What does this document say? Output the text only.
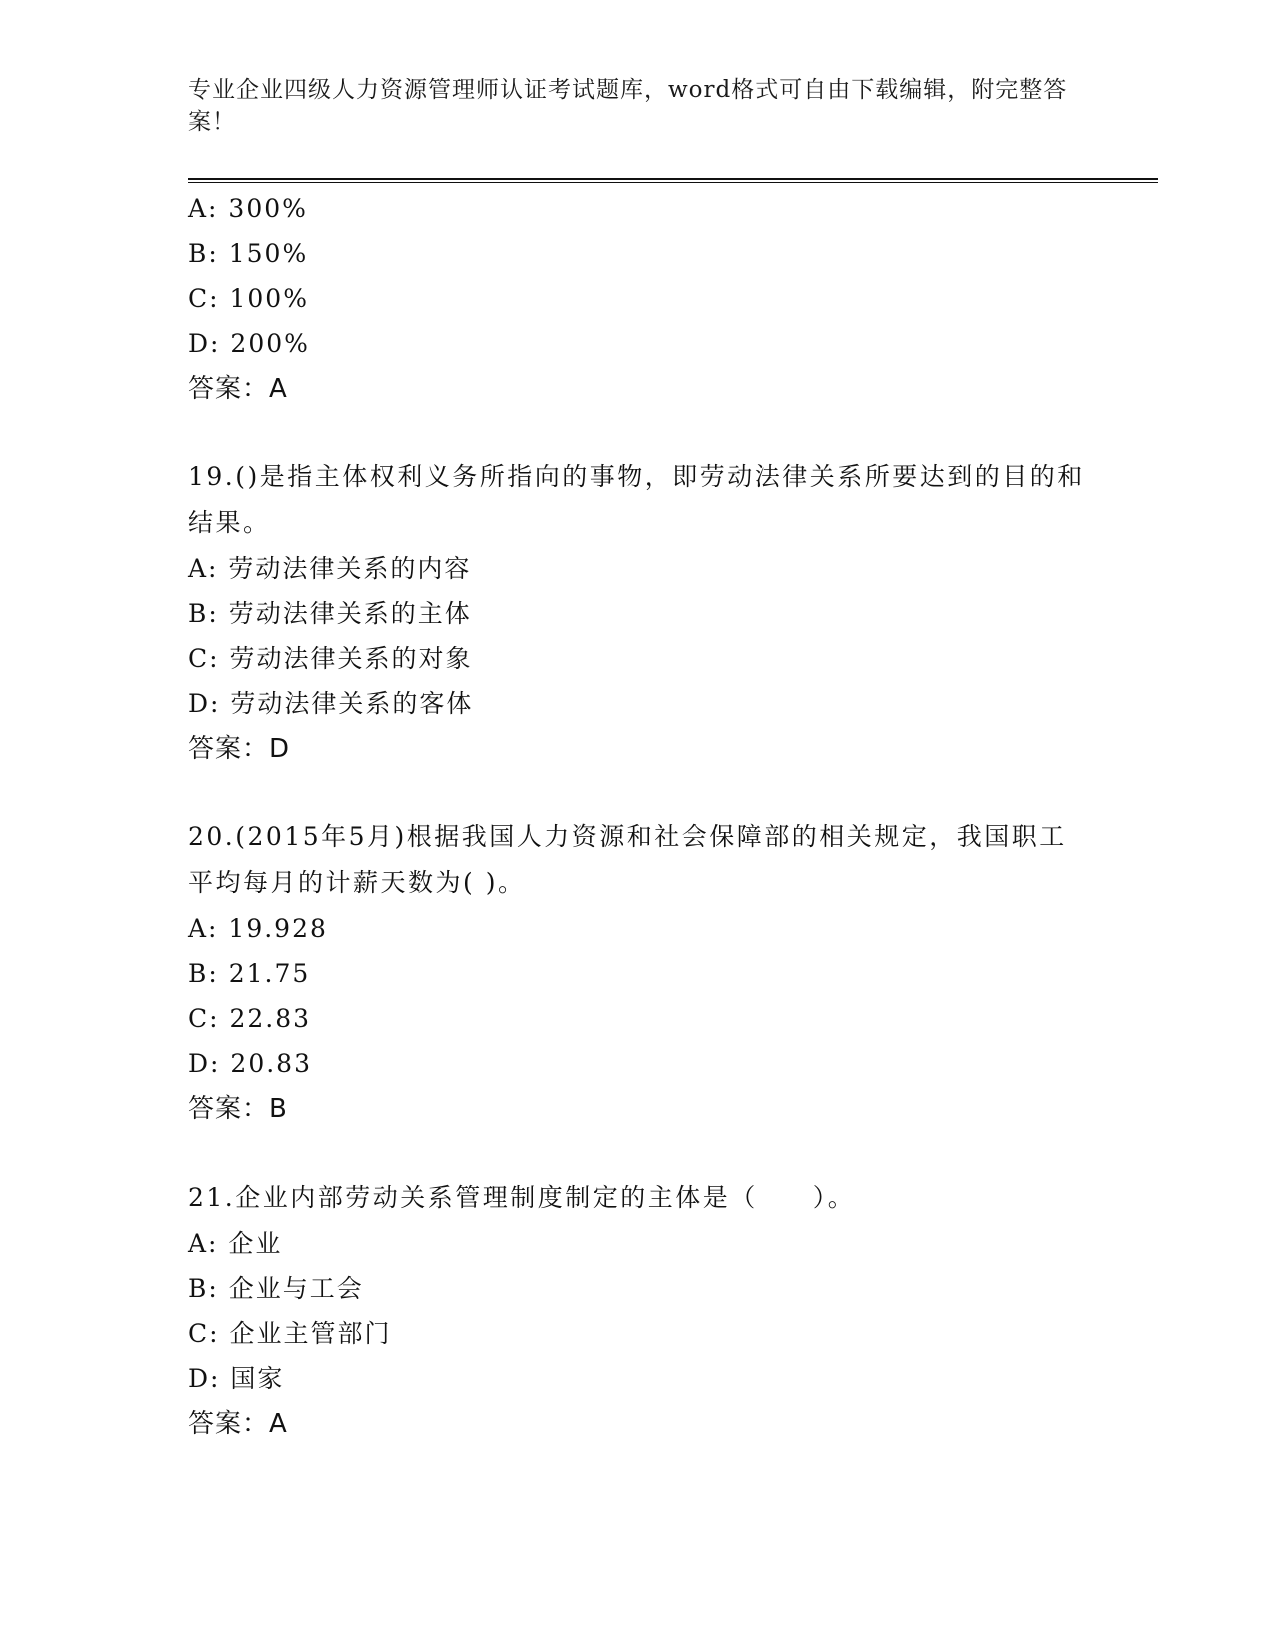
专业企业四级人力资源管理师认证考试题库，word格式可自由下载编辑，附完整答案！
A: 300%
B: 150%
C: 100%
D: 200%
答案：A
19.()是指主体权利义务所指向的事物，即劳动法律关系所要达到的目的和结果。
A: 劳动法律关系的内容
B: 劳动法律关系的主体
C: 劳动法律关系的对象
D: 劳动法律关系的客体
答案：D
20.(2015年5月)根据我国人力资源和社会保障部的相关规定，我国职工平均每月的计薪天数为( )。
A: 19.928
B: 21.75
C: 22.83
D: 20.83
答案：B
21.企业内部劳动关系管理制度制定的主体是（　　）。
A: 企业
B: 企业与工会
C: 企业主管部门
D: 国家
答案：A
